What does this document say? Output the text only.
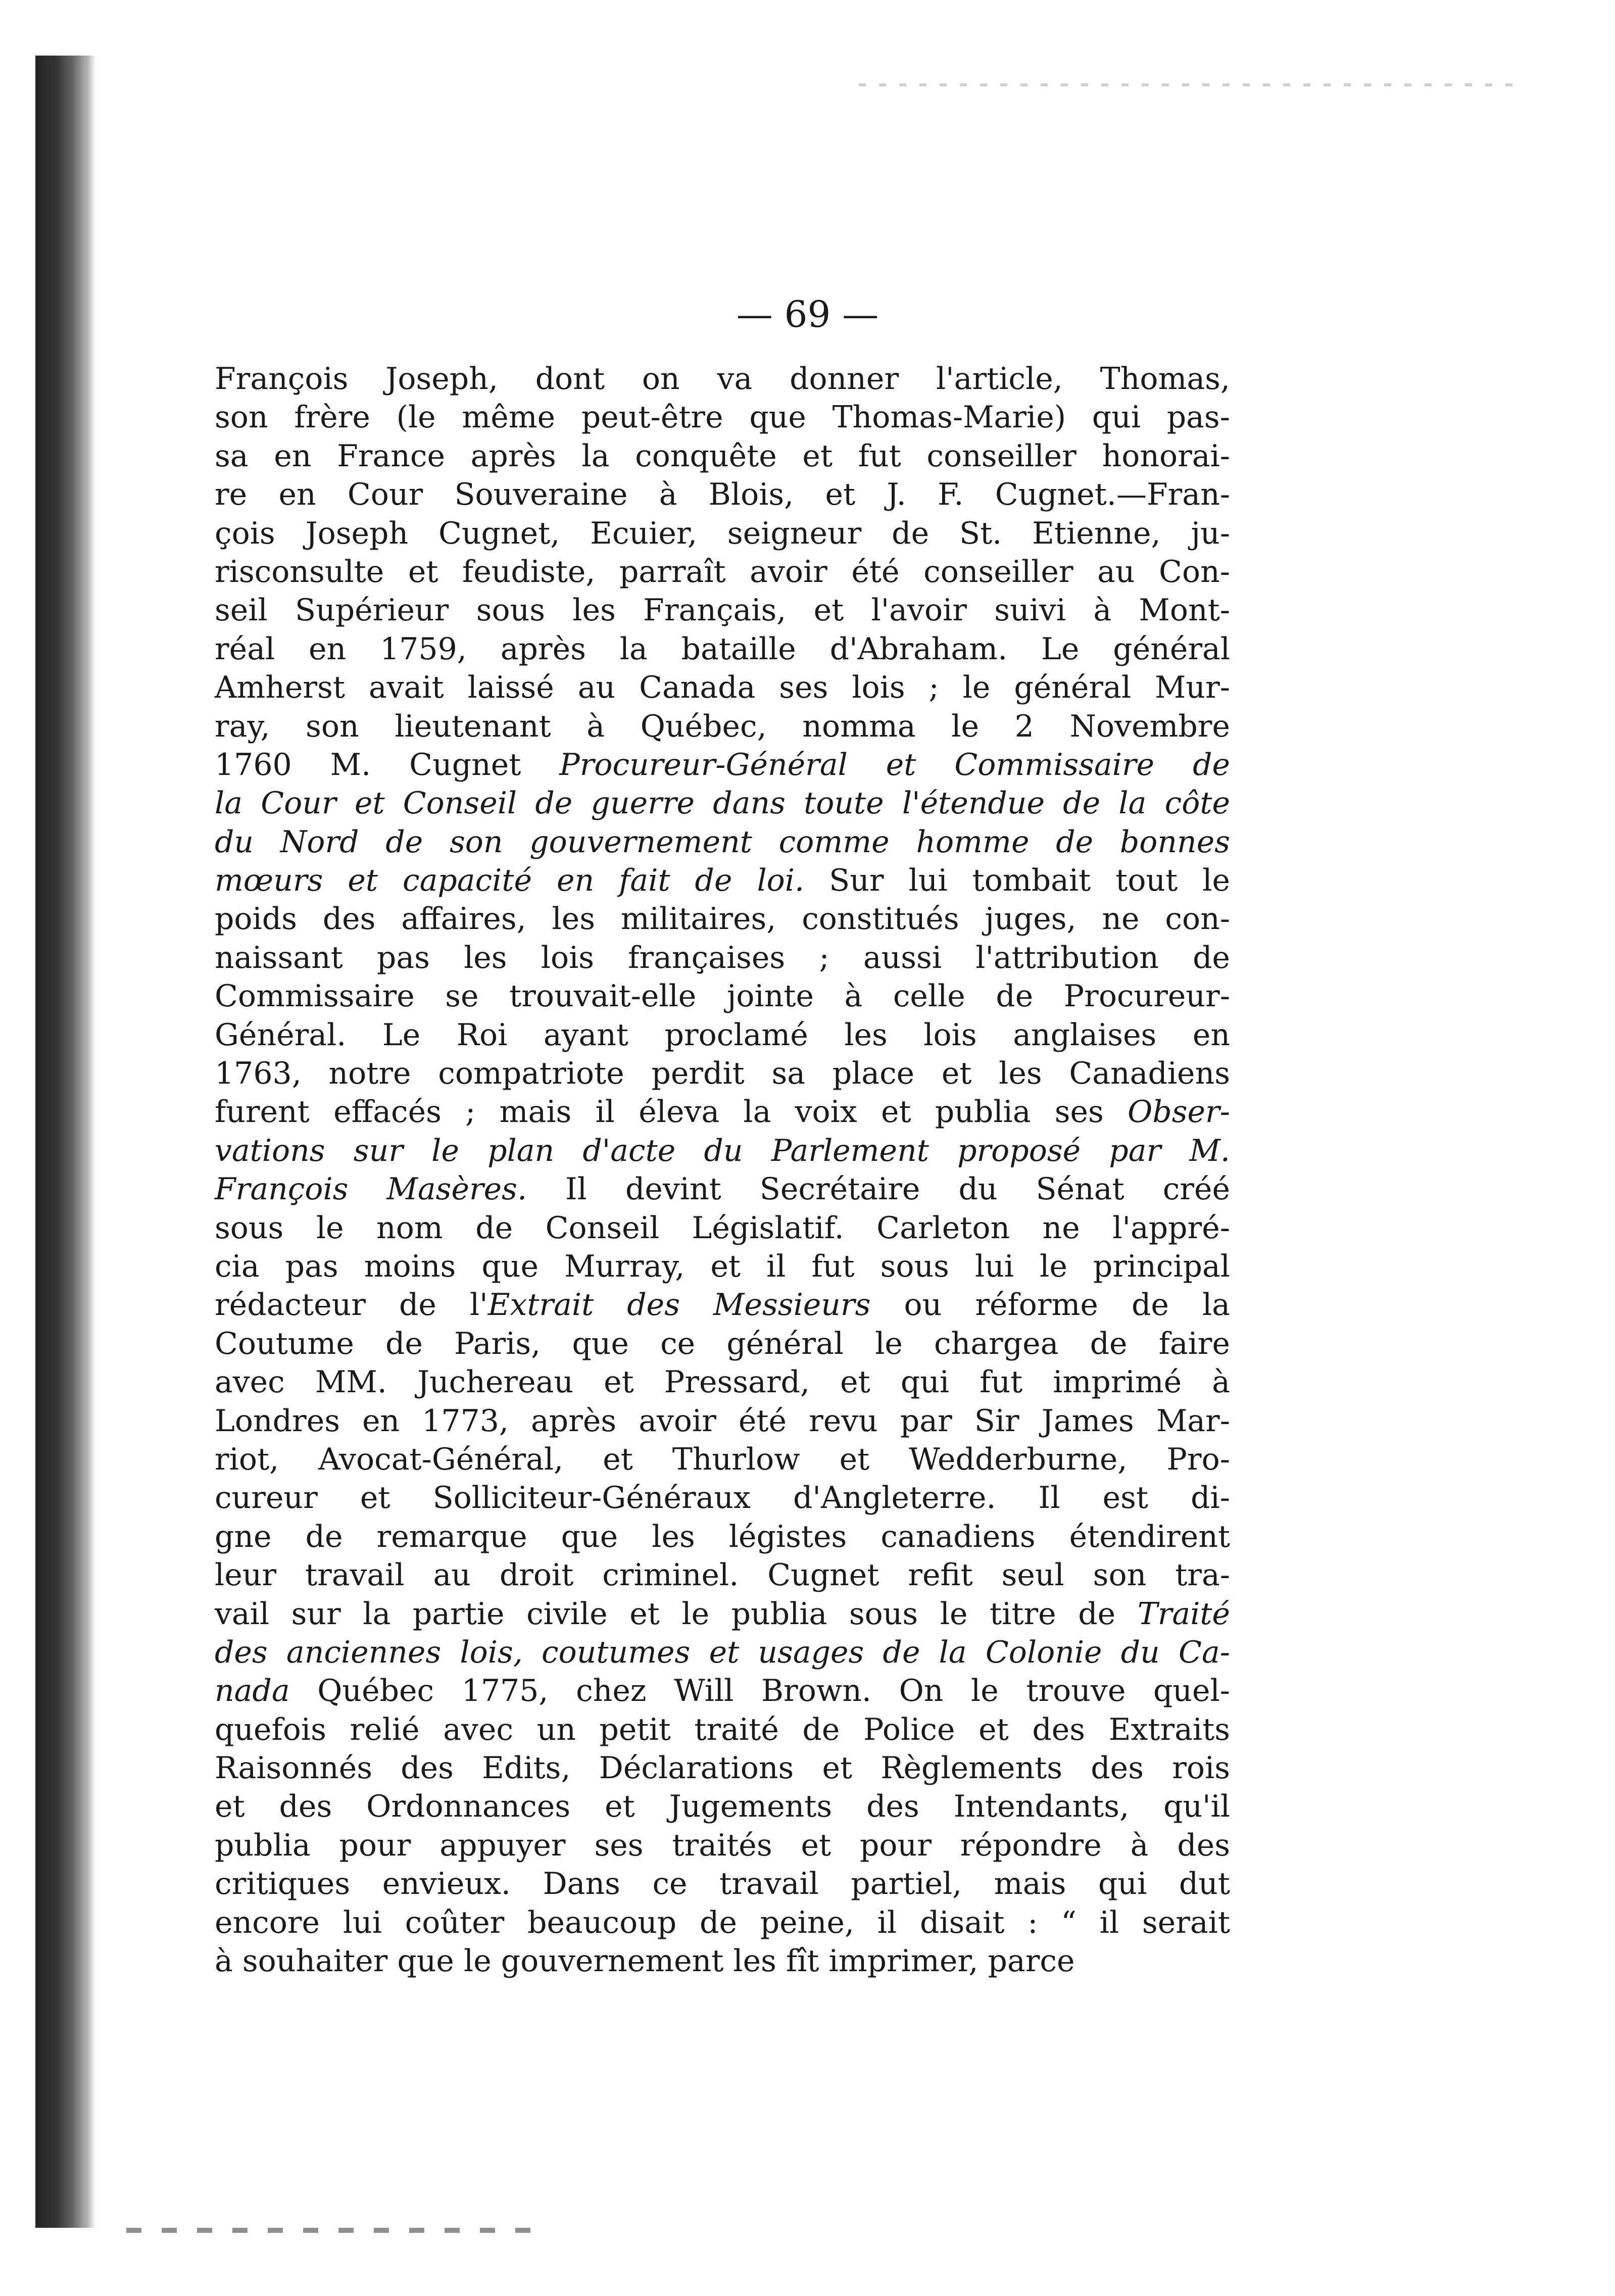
— 69 —
François Joseph, dont on va donner l'article, Thomas,
son frère (le même peut-être que Thomas-Marie) qui pas-
sa en France après la conquête et fut conseiller honorai-
re en Cour Souveraine à Blois, et J. F. Cugnet.—Fran-
çois Joseph Cugnet, Ecuier, seigneur de St. Etienne, ju-
risconsulte et feudiste, parraît avoir été conseiller au Con-
seil Supérieur sous les Français, et l'avoir suivi à Mont-
réal en 1759, après la bataille d'Abraham. Le général
Amherst avait laissé au Canada ses lois ; le général Mur-
ray, son lieutenant à Québec, nomma le 2 Novembre
1760 M. Cugnet Procureur-Général et Commissaire de
la Cour et Conseil de guerre dans toute l'étendue de la côte
du Nord de son gouvernement comme homme de bonnes
mœurs et capacité en fait de loi. Sur lui tombait tout le
poids des affaires, les militaires, constitués juges, ne con-
naissant pas les lois françaises ; aussi l'attribution de
Commissaire se trouvait-elle jointe à celle de Procureur-
Général. Le Roi ayant proclamé les lois anglaises en
1763, notre compatriote perdit sa place et les Canadiens
furent effacés ; mais il éleva la voix et publia ses Obser-
vations sur le plan d'acte du Parlement proposé par M.
François Masères. Il devint Secrétaire du Sénat créé
sous le nom de Conseil Législatif. Carleton ne l'appré-
cia pas moins que Murray, et il fut sous lui le principal
rédacteur de l'Extrait des Messieurs ou réforme de la
Coutume de Paris, que ce général le chargea de faire
avec MM. Juchereau et Pressard, et qui fut imprimé à
Londres en 1773, après avoir été revu par Sir James Mar-
riot, Avocat-Général, et Thurlow et Wedderburne, Pro-
cureur et Solliciteur-Généraux d'Angleterre. Il est di-
gne de remarque que les légistes canadiens étendirent
leur travail au droit criminel. Cugnet refit seul son tra-
vail sur la partie civile et le publia sous le titre de Traité
des anciennes lois, coutumes et usages de la Colonie du Ca-
nada Québec 1775, chez Will Brown. On le trouve quel-
quefois relié avec un petit traité de Police et des Extraits
Raisonnés des Edits, Déclarations et Règlements des rois
et des Ordonnances et Jugements des Intendants, qu'il
publia pour appuyer ses traités et pour répondre à des
critiques envieux. Dans ce travail partiel, mais qui dut
encore lui coûter beaucoup de peine, il disait : “ il serait
à souhaiter que le gouvernement les fît imprimer, parce
